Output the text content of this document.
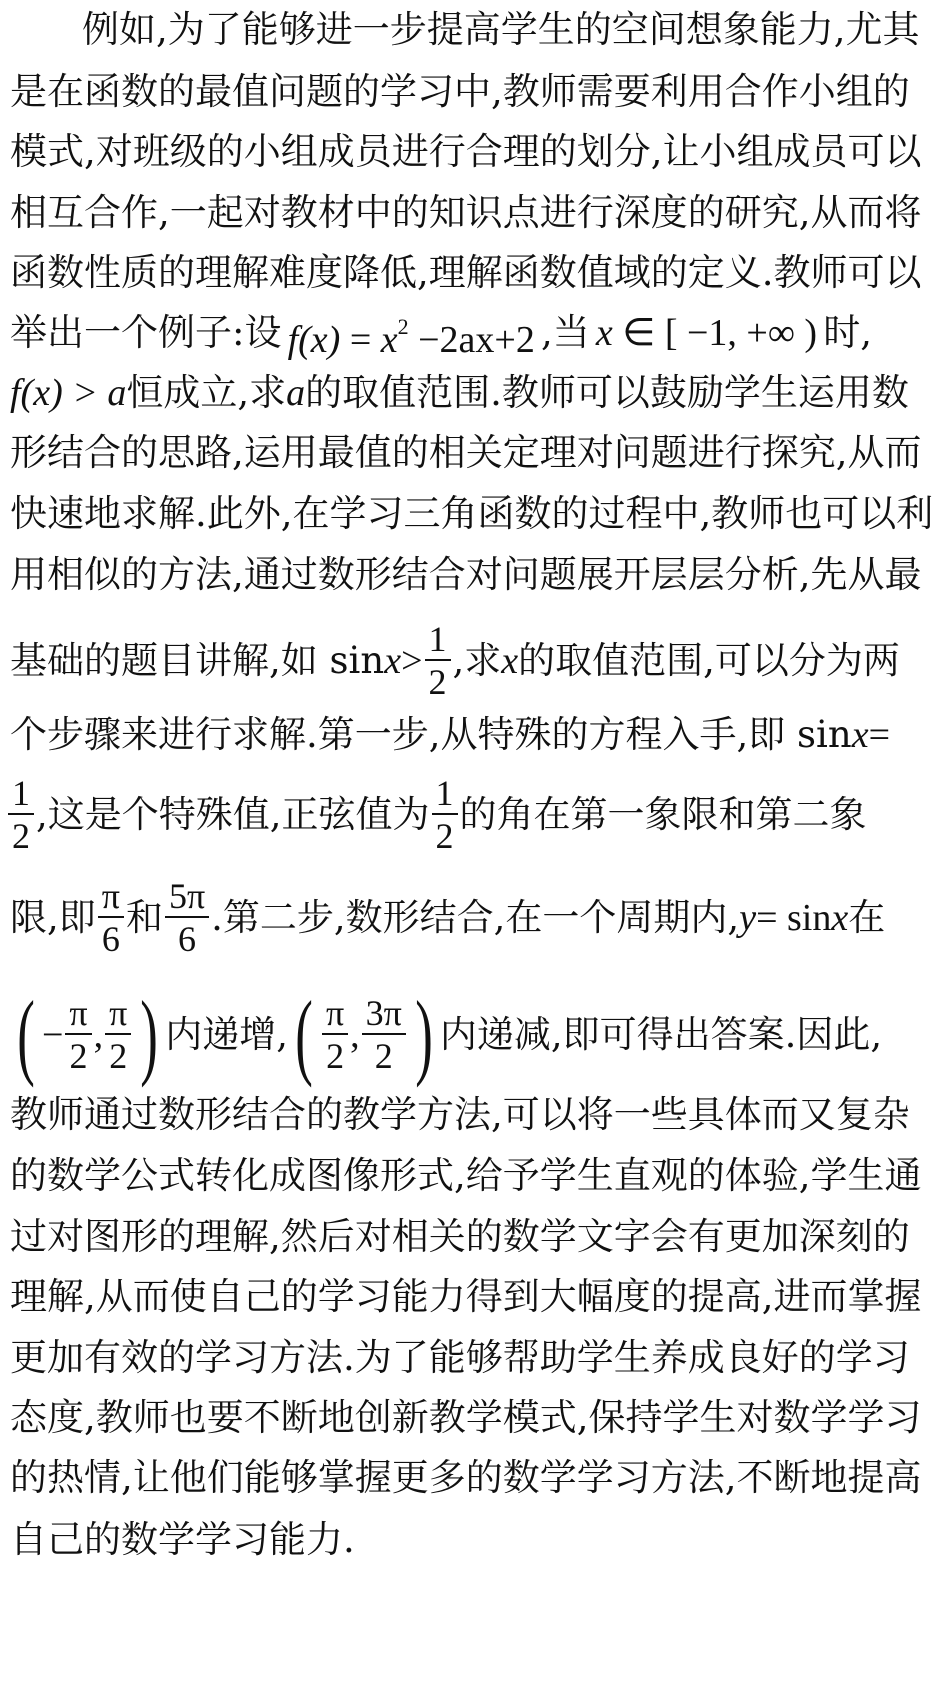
例如,为了能够进一步提高学生的空间想象能力,尤其
是在函数的最值问题的学习中,教师需要利用合作小组的
模式,对班级的小组成员进行合理的划分,让小组成员可以
相互合作,一起对教材中的知识点进行深度的研究,从而将
函数性质的理解难度降低,理解函数值域的定义.教师可以
举出一个例子:设 $f(x) = x^2 -2ax+2$ ,当 x ∈ [ −1, +∞ ) 时,
f(x) > a 恒成立,求 a 的取值范围.教师可以鼓励学生运用数
形结合的思路,运用最值的相关定理对问题进行探究,从而
快速地求解.此外,在学习三角函数的过程中,教师也可以利
用相似的方法,通过数形结合对问题展开层层分析,先从最
基础的题目讲解,如 $\sin x > \frac{1}{2}$ ,求 x 的取值范围,可以分为两
个步骤来进行求解.第一步,从特殊的方程入手,即 sin x =
$\frac{1}{2}$ ,这是个特殊值,正弦值为 $\frac{1}{2}$ 的角在第一象限和第二象
限,即 $\frac{\pi}{6}$ 和 $\frac{5\pi}{6}$ .第二步,数形结合,在一个周期内, y = sin x 在
( − $\frac{\pi}{2}$ , $\frac{\pi}{2}$ ) 内递增, ( $\frac{\pi}{2}$ , $\frac{3\pi}{2}$ ) 内递减,即可得出答案.因此,
教师通过数形结合的教学方法,可以将一些具体而又复杂
的数学公式转化成图像形式,给予学生直观的体验,学生通
过对图形的理解,然后对相关的数学文字会有更加深刻的
理解,从而使自己的学习能力得到大幅度的提高,进而掌握
更加有效的学习方法.为了能够帮助学生养成良好的学习
态度,教师也要不断地创新教学模式,保持学生对数学学习
的热情,让他们能够掌握更多的数学学习方法,不断地提高
自己的数学学习能力.
